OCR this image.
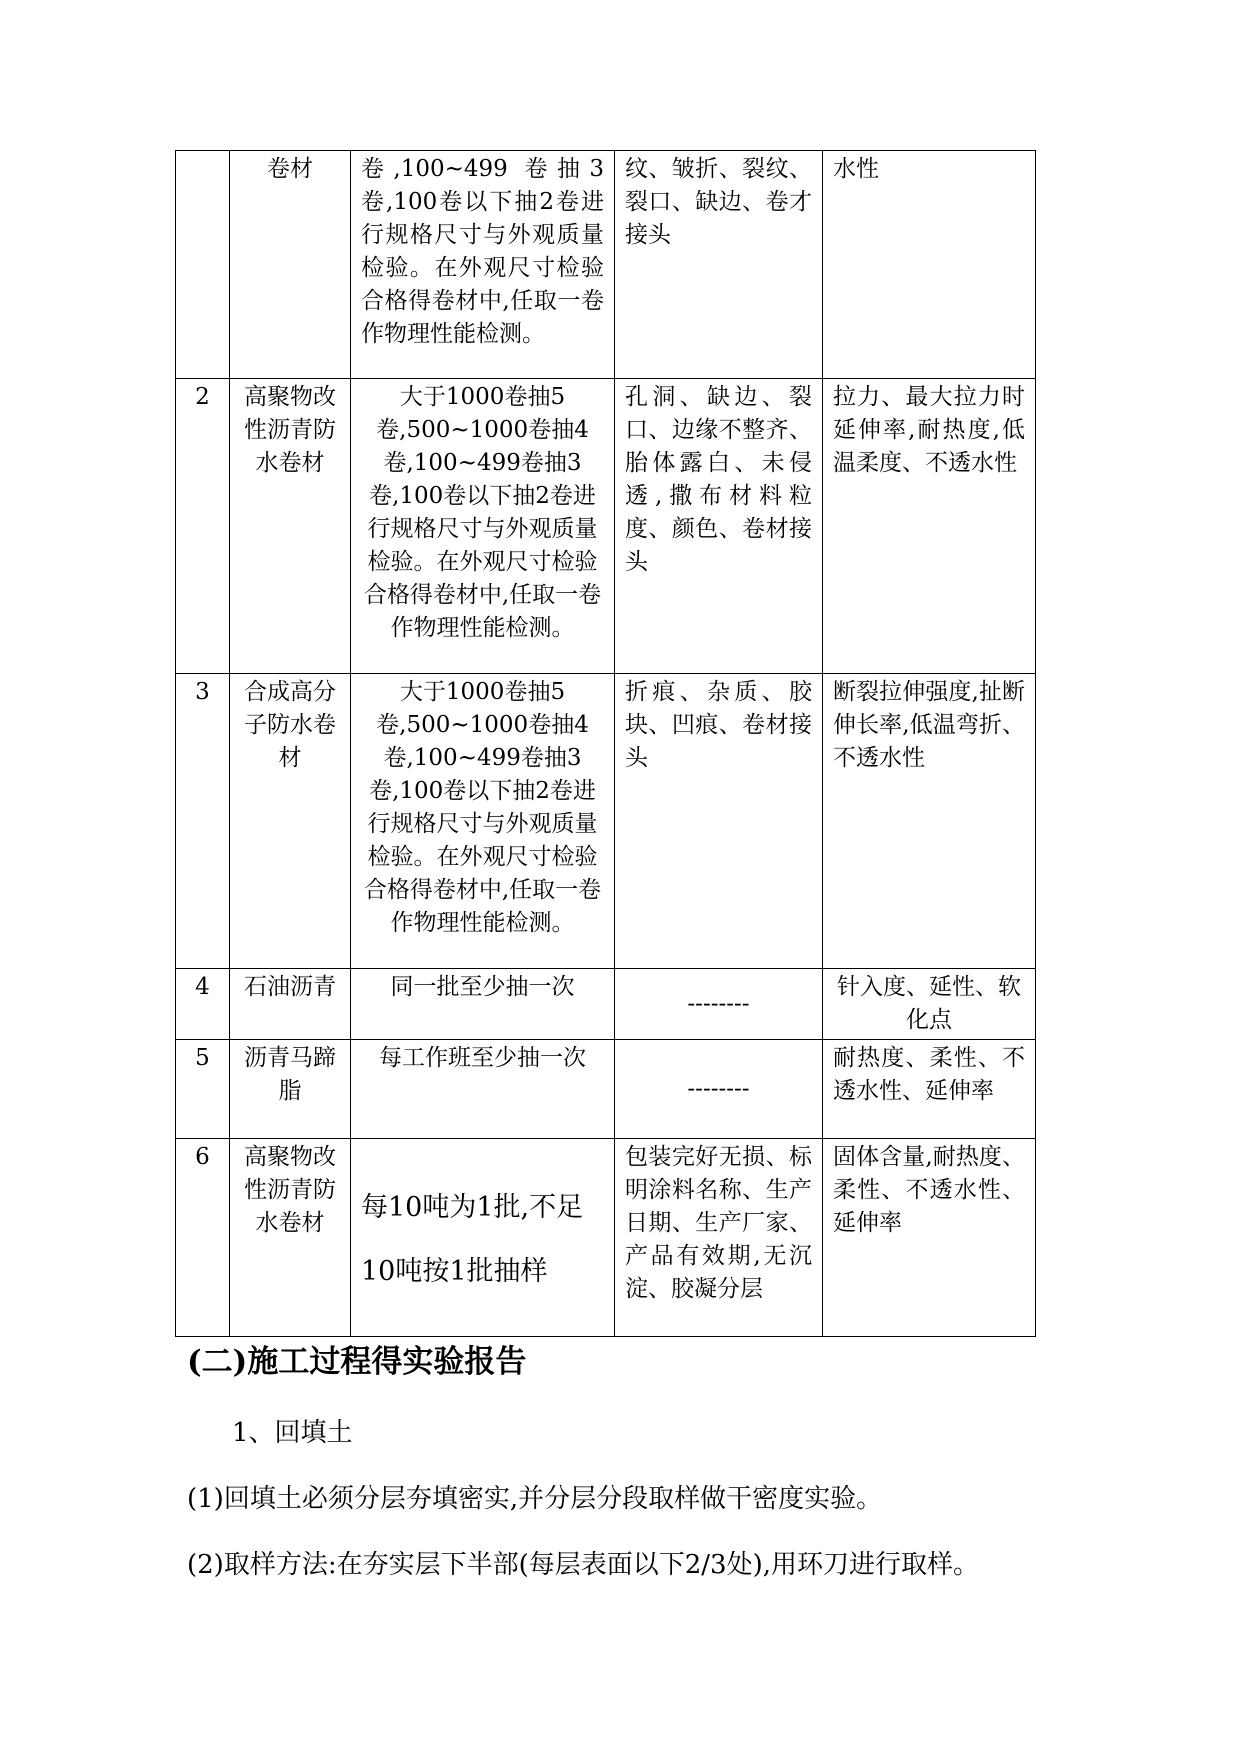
	卷材	卷,100~499 卷抽3卷,100卷以下抽2卷进行规格尺寸与外观质量检验。在外观尺寸检验合格得卷材中,任取一卷作物理性能检测。	纹、皱折、裂纹、裂口、缺边、卷才接头	水性
2	高聚物改性沥青防水卷材	大于1000卷抽5卷,500~1000卷抽4卷,100~499卷抽3卷,100卷以下抽2卷进行规格尺寸与外观质量检验。在外观尺寸检验合格得卷材中,任取一卷作物理性能检测。	孔洞、缺边、裂口、边缘不整齐、胎体露白、未侵透,撒布材料粒度、颜色、卷材接头	拉力、最大拉力时延伸率,耐热度,低温柔度、不透水性
3	合成高分子防水卷材	大于1000卷抽5卷,500~1000卷抽4卷,100~499卷抽3卷,100卷以下抽2卷进行规格尺寸与外观质量检验。在外观尺寸检验合格得卷材中,任取一卷作物理性能检测。	折痕、杂质、胶块、凹痕、卷材接头	断裂拉伸强度,扯断伸长率,低温弯折、不透水性
4	石油沥青	同一批至少抽一次	--------	针入度、延性、软化点
5	沥青马蹄脂	每工作班至少抽一次	--------	耐热度、柔性、不透水性、延伸率
6	高聚物改性沥青防水卷材	每10吨为1批,不足10吨按1批抽样	包装完好无损、标明涂料名称、生产日期、生产厂家、产品有效期,无沉淀、胶凝分层	固体含量,耐热度、柔性、不透水性、延伸率
(二)施工过程得实验报告
1、回填土
(1)回填土必须分层夯填密实,并分层分段取样做干密度实验。
(2)取样方法:在夯实层下半部(每层表面以下2/3处),用环刀进行取样。
